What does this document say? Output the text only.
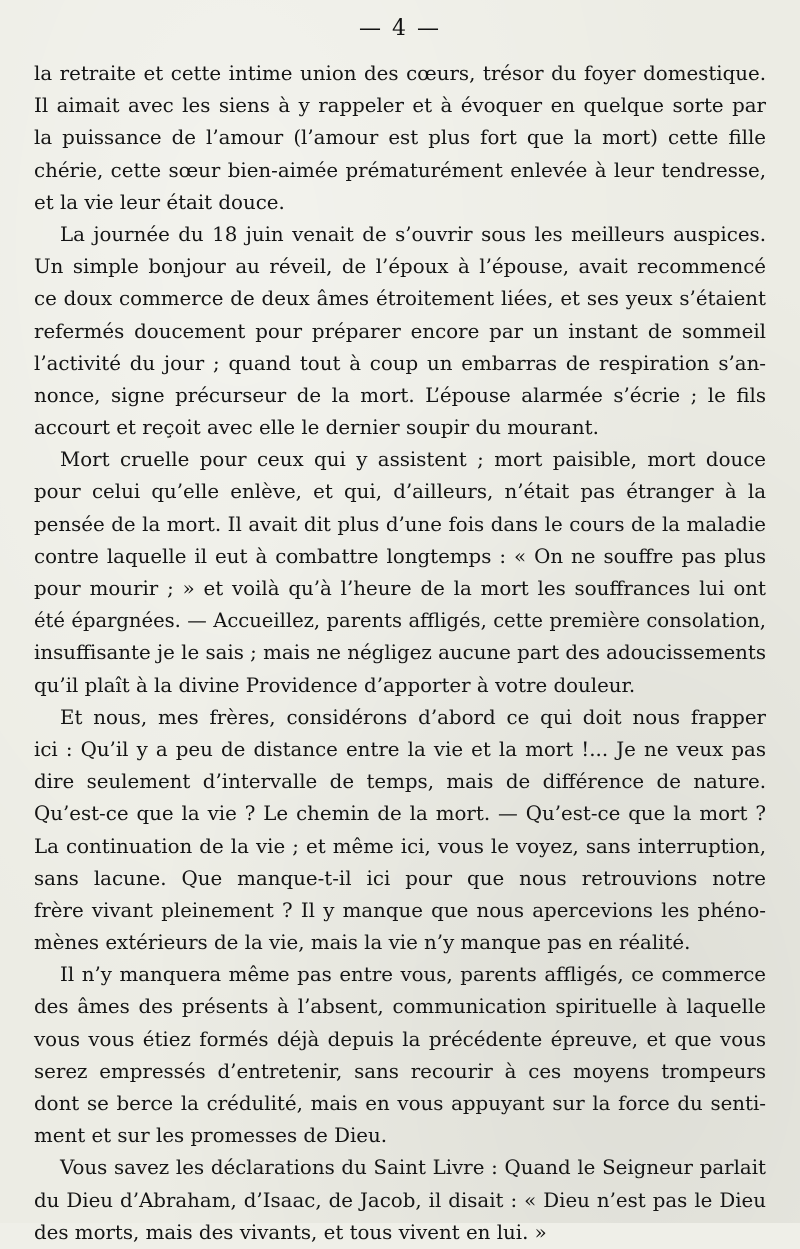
— 4 —
la retraite et cette intime union des cœurs, trésor du foyer domestique.
Il aimait avec les siens à y rappeler et à évoquer en quelque sorte par
la puissance de l’amour (l’amour est plus fort que la mort) cette fille
chérie, cette sœur bien-aimée prématurément enlevée à leur tendresse,
et la vie leur était douce.
La journée du 18 juin venait de s’ouvrir sous les meilleurs auspices.
Un simple bonjour au réveil, de l’époux à l’épouse, avait recommencé
ce doux commerce de deux âmes étroitement liées, et ses yeux s’étaient
refermés doucement pour préparer encore par un instant de sommeil
l’activité du jour ; quand tout à coup un embarras de respiration s’an-
nonce, signe précurseur de la mort. L’épouse alarmée s’écrie ; le fils
accourt et reçoit avec elle le dernier soupir du mourant.
Mort cruelle pour ceux qui y assistent ; mort paisible, mort douce
pour celui qu’elle enlève, et qui, d’ailleurs, n’était pas étranger à la
pensée de la mort. Il avait dit plus d’une fois dans le cours de la maladie
contre laquelle il eut à combattre longtemps : « On ne souffre pas plus
pour mourir ; » et voilà qu’à l’heure de la mort les souffrances lui ont
été épargnées. — Accueillez, parents affligés, cette première consolation,
insuffisante je le sais ; mais ne négligez aucune part des adoucissements
qu’il plaît à la divine Providence d’apporter à votre douleur.
Et nous, mes frères, considérons d’abord ce qui doit nous frapper
ici : Qu’il y a peu de distance entre la vie et la mort !... Je ne veux pas
dire seulement d’intervalle de temps, mais de différence de nature.
Qu’est-ce que la vie ? Le chemin de la mort. — Qu’est-ce que la mort ?
La continuation de la vie ; et même ici, vous le voyez, sans interruption,
sans lacune. Que manque-t-il ici pour que nous retrouvions notre
frère vivant pleinement ? Il y manque que nous apercevions les phéno-
mènes extérieurs de la vie, mais la vie n’y manque pas en réalité.
Il n’y manquera même pas entre vous, parents affligés, ce commerce
des âmes des présents à l’absent, communication spirituelle à laquelle
vous vous étiez formés déjà depuis la précédente épreuve, et que vous
serez empressés d’entretenir, sans recourir à ces moyens trompeurs
dont se berce la crédulité, mais en vous appuyant sur la force du senti-
ment et sur les promesses de Dieu.
Vous savez les déclarations du Saint Livre : Quand le Seigneur parlait
du Dieu d’Abraham, d’Isaac, de Jacob, il disait : « Dieu n’est pas le Dieu
des morts, mais des vivants, et tous vivent en lui. »
